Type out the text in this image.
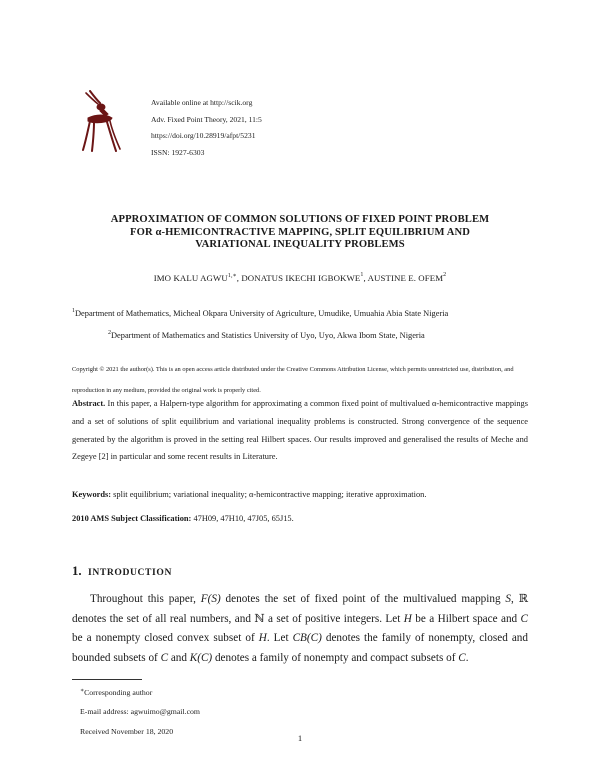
Available online at http://scik.org
Adv. Fixed Point Theory, 2021, 11:5
https://doi.org/10.28919/afpt/5231
ISSN: 1927-6303
APPROXIMATION OF COMMON SOLUTIONS OF FIXED POINT PROBLEM
FOR α-HEMICONTRACTIVE MAPPING, SPLIT EQUILIBRIUM AND
VARIATIONAL INEQUALITY PROBLEMS
IMO KALU $AGWU^{1,∗}$, DONATUS IKECHI IGBOKWE$^1$, AUSTINE E. OFEM$^2$
$^1$Department of Mathematics, Micheal Okpara University of Agriculture, Umudike, Umuahia Abia State Nigeria
$^2$Department of Mathematics and Statistics University of Uyo, Uyo, Akwa Ibom State, Nigeria
Copyright © 2021 the author(s). This is an open access article distributed under the Creative Commons Attribution License, which permits unrestricted use, distribution, and reproduction in any medium, provided the original work is properly cited.
Abstract. In this paper, a Halpern-type algorithm for approximating a common fixed point of multivalued α-hemicontractive mappings and a set of solutions of split equilibrium and variational inequality problems is constructed. Strong convergence of the sequence generated by the algorithm is proved in the setting real Hilbert spaces. Our results improved and generalised the results of Meche and Zegeye [2] in particular and some recent results in Literature.
Keywords: split equilibrium; variational inequality; α-hemicontractive mapping; iterative approximation.
2010 AMS Subject Classification: 47H09, 47H10, 47J05, 65J15.
1. INTRODUCTION

Throughout this paper, F(S) denotes the set of fixed point of the multivalued mapping S, ℝ denotes the set of all real numbers, and ℕ a set of positive integers. Let H be a Hilbert space and C be a nonempty closed convex subset of H. Let CB(C) denotes the family of nonempty, closed and bounded subsets of C and K(C) denotes a family of nonempty and compact subsets of C.

∗Corresponding author
E-mail address: agwuimo@gmail.com
Received November 18, 2020
1
